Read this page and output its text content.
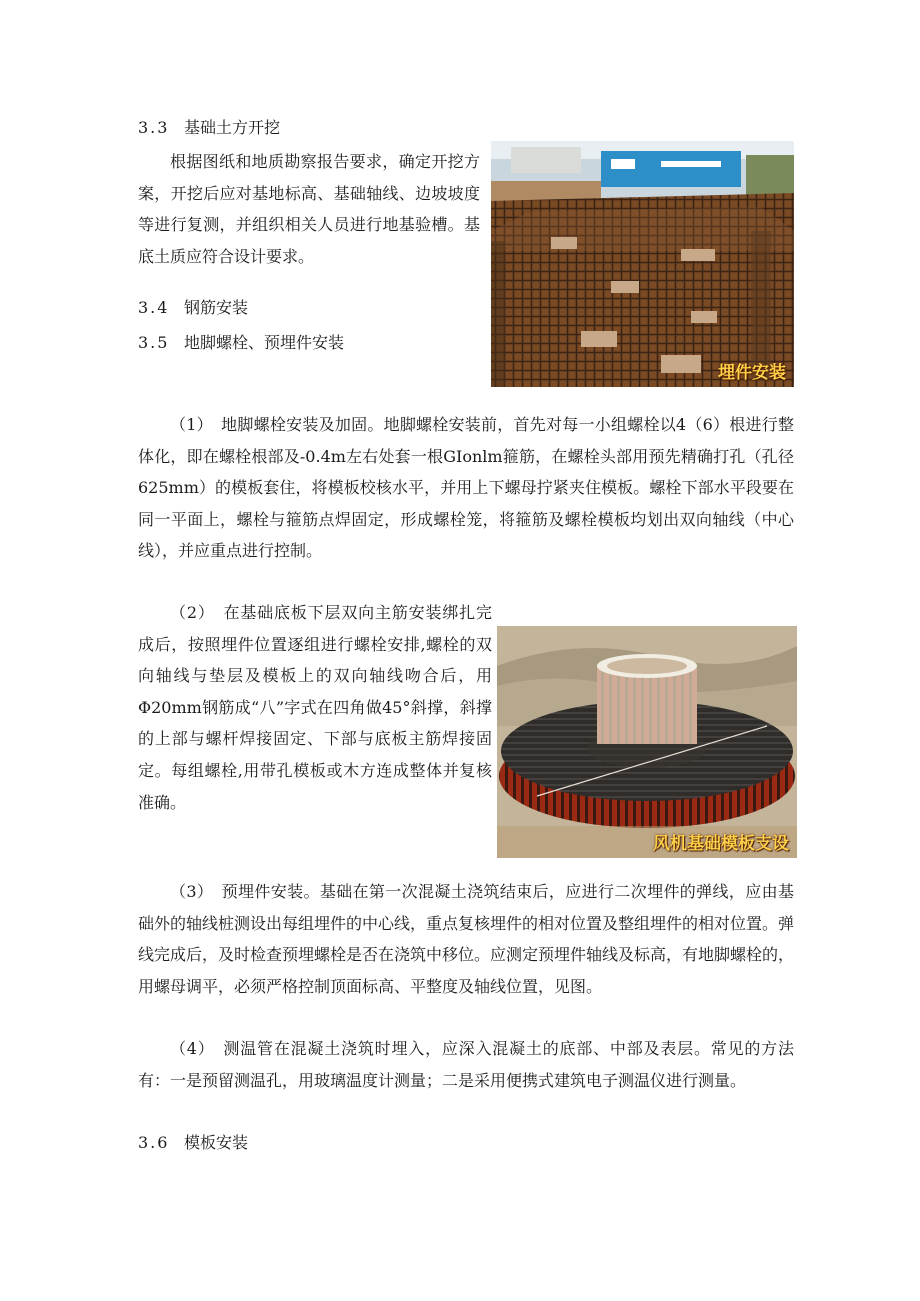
3.3 基础土方开挖

根据图纸和地质勘察报告要求，确定开挖方案，开挖后应对基地标高、基础轴线、边坡坡度等进行复测，并组织相关人员进行地基验槽。基底土质应符合设计要求。

3.4 钢筋安装
3.5 地脚螺栓、预埋件安装
埋件安装

（1）　地脚螺栓安装及加固。地脚螺栓安装前，首先对每一小组螺栓以4（6）根进行整体化，即在螺栓根部及-0.4m左右处套一根GIonlm箍筋，在螺栓头部用预先精确打孔（孔径625mm）的模板套住，将模板校核水平，并用上下螺母拧紧夹住模板。螺栓下部水平段要在同一平面上，螺栓与箍筋点焊固定，形成螺栓笼，将箍筋及螺栓模板均划出双向轴线（中心线），并应重点进行控制。

（2）　在基础底板下层双向主筋安装绑扎完成后，按照埋件位置逐组进行螺栓安排,螺栓的双向轴线与垫层及模板上的双向轴线吻合后，用Φ20mm钢筋成“八”字式在四角做45°斜撑，斜撑的上部与螺杆焊接固定、下部与底板主筋焊接固定。每组螺栓,用带孔模板或木方连成整体并复核准确。

风机基础模板支设

（3）　预埋件安装。基础在第一次混凝土浇筑结束后，应进行二次埋件的弹线，应由基础外的轴线桩测设出每组埋件的中心线，重点复核埋件的相对位置及整组埋件的相对位置。弹线完成后，及时检查预埋螺栓是否在浇筑中移位。应测定预埋件轴线及标高，有地脚螺栓的，用螺母调平，必须严格控制顶面标高、平整度及轴线位置，见图。

（4）　测温管在混凝土浇筑时埋入，应深入混凝土的底部、中部及表层。常见的方法有：一是预留测温孔，用玻璃温度计测量；二是采用便携式建筑电子测温仪进行测量。

3.6 模板安装
